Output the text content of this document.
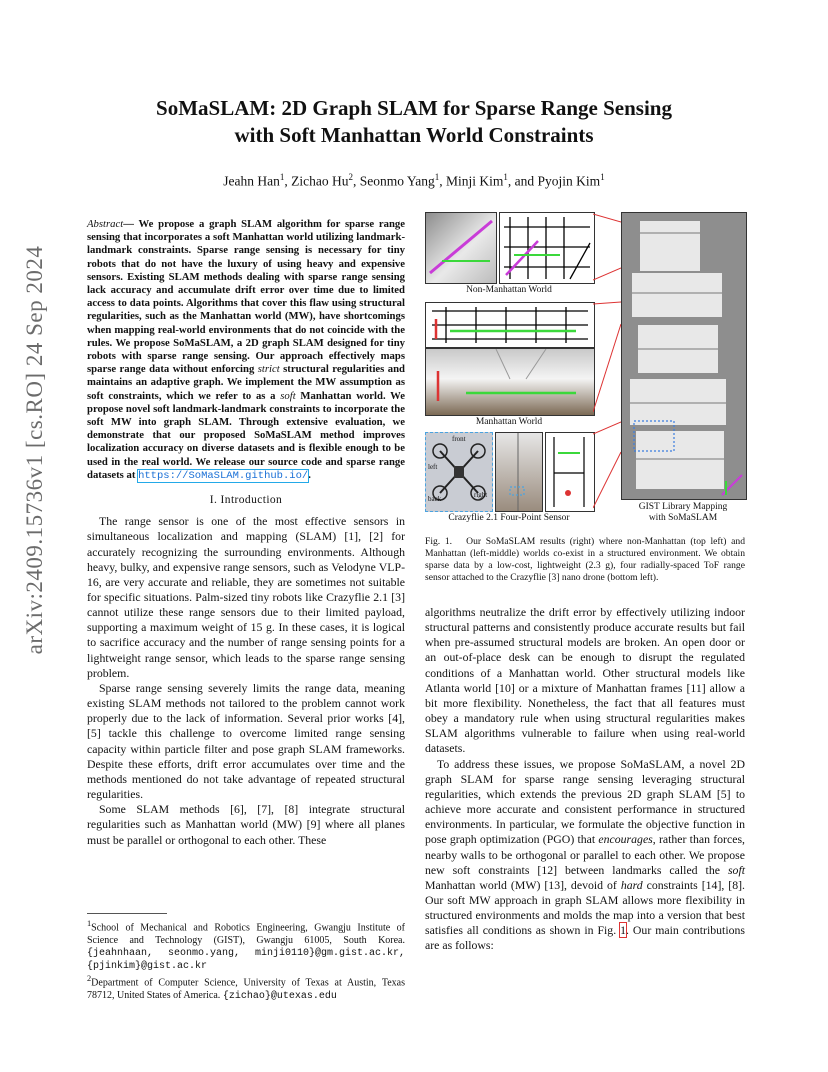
arXiv:2409.15736v1 [cs.RO] 24 Sep 2024
SoMaSLAM: 2D Graph SLAM for Sparse Range Sensing
with Soft Manhattan World Constraints
Jeahn Han$^1$, Zichao Hu$^2$, Seonmo Yang$^1$, Minji Kim$^1$, and Pyojin Kim$^1$
Abstract— We propose a graph SLAM algorithm for sparse range sensing that incorporates a soft Manhattan world utilizing landmark-landmark constraints. Sparse range sensing is necessary for tiny robots that do not have the luxury of using heavy and expensive sensors. Existing SLAM methods dealing with sparse range sensing lack accuracy and accumulate drift error over time due to limited access to data points. Algorithms that cover this flaw using structural regularities, such as the Manhattan world (MW), have shortcomings when mapping real-world environments that do not coincide with the rules. We propose SoMaSLAM, a 2D graph SLAM designed for tiny robots with sparse range sensing. Our approach effectively maps sparse range data without enforcing strict structural regularities and maintains an adaptive graph. We implement the MW assumption as soft constraints, which we refer to as a soft Manhattan world. We propose novel soft landmark-landmark constraints to incorporate the soft MW into graph SLAM. Through extensive evaluation, we demonstrate that our proposed SoMaSLAM method improves localization accuracy on diverse datasets and is flexible enough to be used in the real world. We release our source code and sparse range datasets at https://SoMaSLAM.github.io/.
I. Introduction

The range sensor is one of the most effective sensors in simultaneous localization and mapping (SLAM) [1], [2] for accurately recognizing the surrounding environments. Although heavy, bulky, and expensive range sensors, such as Velodyne VLP-16, are very accurate and reliable, they are sometimes not suitable for specific situations. Palm-sized tiny robots like Crazyflie 2.1 [3] cannot utilize these range sensors due to their limited payload, supporting a maximum weight of 15 g. In these cases, it is logical to sacrifice accuracy and the number of range sensing points for a lightweight range sensor, which leads to the sparse range sensing problem.

Sparse range sensing severely limits the range data, meaning existing SLAM methods not tailored to the problem cannot work properly due to the lack of information. Several prior works [4], [5] tackle this challenge to overcome limited range sensing capacity within particle filter and pose graph SLAM frameworks. Despite these efforts, drift error accumulates over time and the methods mentioned do not take advantage of repeated structural regularities.

Some SLAM methods [6], [7], [8] integrate structural regularities such as Manhattan world (MW) [9] where all planes must be parallel or orthogonal to each other. These

$^1$School of Mechanical and Robotics Engineering, Gwangju Institute of Science and Technology (GIST), Gwangju 61005, South Korea. {jeahnhaan, seonmo.yang, minji0110}@gm.gist.ac.kr, {pjinkim}@gist.ac.kr
$^2$Department of Computer Science, University of Texas at Austin, Texas 78712, United States of America. {zichao}@utexas.edu
Non-Manhattan World
Manhattan World
front
left
right
back
Crazyflie 2.1 Four-Point Sensor
GIST Library Mapping
with SoMaSLAM
Fig. 1. Our SoMaSLAM results (right) where non-Manhattan (top left) and Manhattan (left-middle) worlds co-exist in a structured environment. We obtain sparse data by a low-cost, lightweight (2.3 g), four radially-spaced ToF range sensor attached to the Crazyflie [3] nano drone (bottom left).

algorithms neutralize the drift error by effectively utilizing indoor structural patterns and consistently produce accurate results but fail when pre-assumed structural models are broken. An open door or an out-of-place desk can be enough to disrupt the regulated conditions of a Manhattan world. Other structural models like Atlanta world [10] or a mixture of Manhattan frames [11] allow a bit more flexibility. Nonetheless, the fact that all features must obey a mandatory rule when using structural regularities makes SLAM algorithms vulnerable to failure when using real-world datasets.

To address these issues, we propose SoMaSLAM, a novel 2D graph SLAM for sparse range sensing leveraging structural regularities, which extends the previous 2D graph SLAM [5] to achieve more accurate and consistent performance in structured environments. In particular, we formulate the objective function in pose graph optimization (PGO) that encourages, rather than forces, nearby walls to be orthogonal or parallel to each other. We propose new soft constraints [12] between landmarks called the soft Manhattan world (MW) [13], devoid of hard constraints [14], [8]. Our soft MW approach in graph SLAM allows more flexibility in structured environments and molds the map into a version that best satisfies all conditions as shown in Fig. 1. Our main contributions are as follows:
